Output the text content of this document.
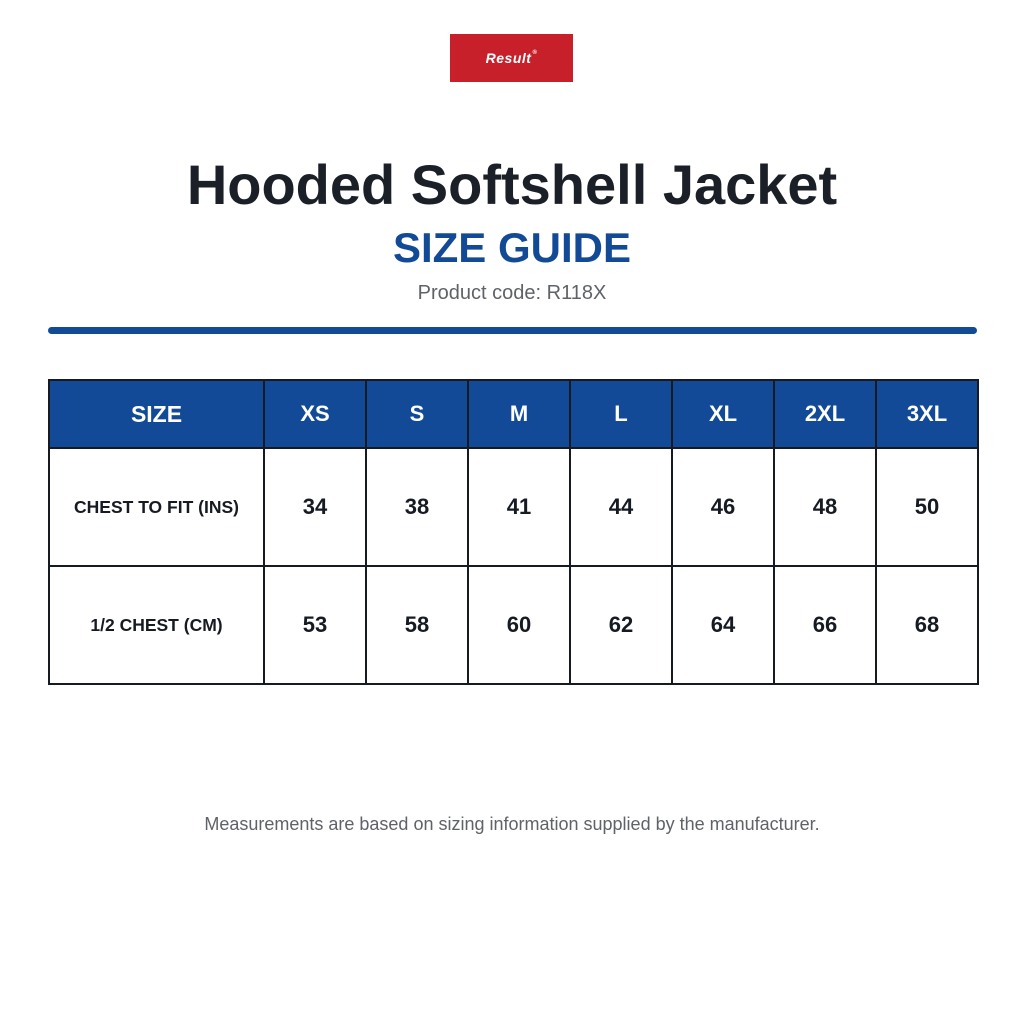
Result®
Hooded Softshell Jacket
SIZE GUIDE
Product code: R118X
SIZE	XS	S	M	L	XL	2XL	3XL
CHEST TO FIT (INS)	34	38	41	44	46	48	50
1/2 CHEST (CM)	53	58	60	62	64	66	68
Measurements are based on sizing information supplied by the manufacturer.
